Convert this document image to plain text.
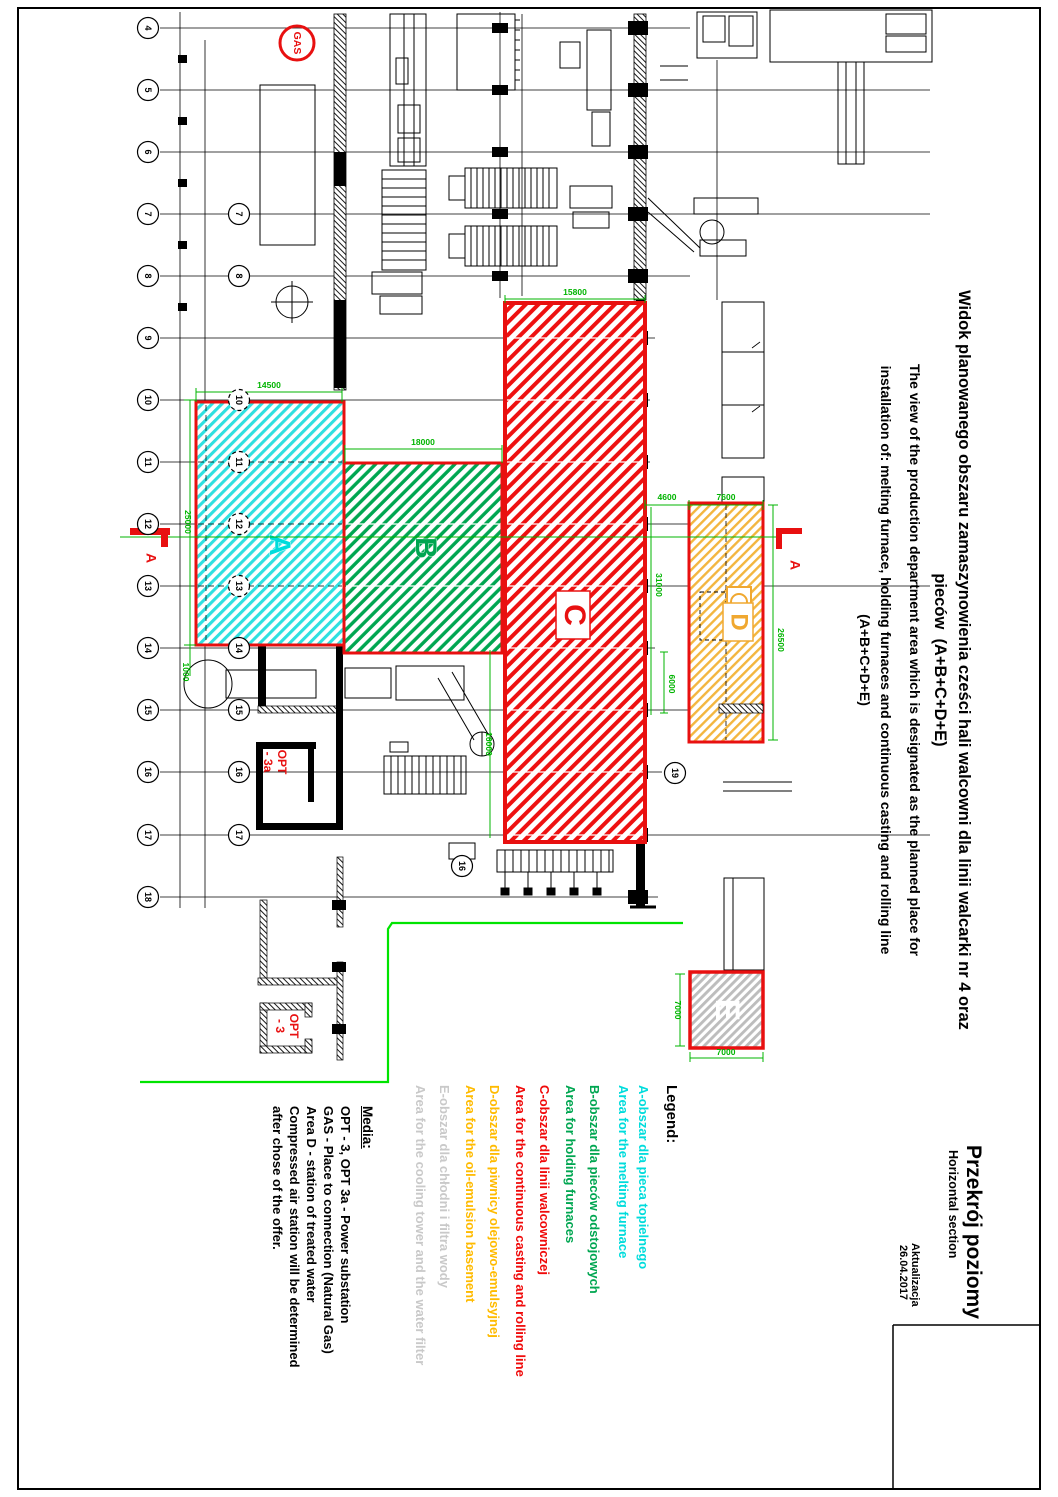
A	B
C	D
E
A
A
GAS
OPT
- 3a
OPT
- 3
14500
18000
15800
25000
1000
4600	7600
31000
6000
26500
16000
7000
7000
4
5
6
7
8
9
10
11
12
13
14
15
16
17
18
7
8
10
11
12
13
14
15
16
17
19
16	Widok planowanego obszaru zamaszynowienia cześci hali walcowni dla linii walcarki nr 4 oraz
pieców  (A+B+C+D+E)
The view of the production department area which is designated as the planned place for
installation of: melting furnace, holding furnaces and continuous casting and rolling line
(A+B+C+D+E)
Przekrój poziomy
Horizontal section
Aktualizacja
26.04.2017
Legend:
A-obszar dla pieca topielnego
Area for the melting furnace
B-obszar dla pieców odstojowych
Area for holding furnaces
C-obszar dla linii walcowniczej
Area for the continuous casting and rolling line
D-obszar dla piwnicy olejowo-emulsyjnej
Area for the oil-emulsion basement
E-obszar dla chłodni i filtra wody
Area for the cooling tower and the water filter
Media:
OPT - 3, OPT 3a - Power substation
GAS - Place to connection (Natural Gas)
Area D - station of treated water
Compressed air station will be determined
after chose of the offer.
